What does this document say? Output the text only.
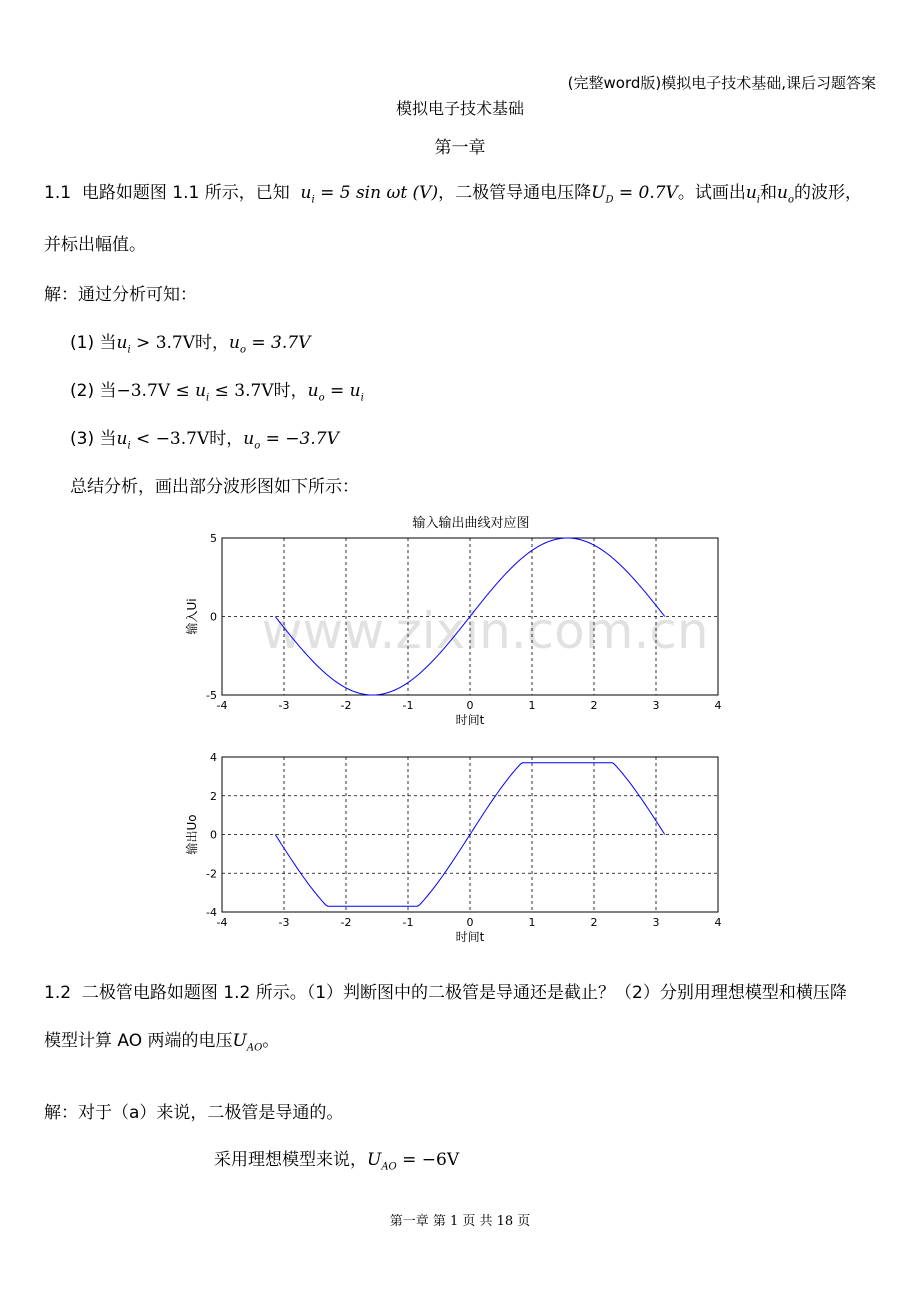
(完整word版)模拟电子技术基础,课后习题答案
模拟电子技术基础
第一章
1.1 电路如题图 1.1 所示，已知 $u_i = 5$ sin ωt (V)，二极管导通电压降$U_D = 0.7V$。试画出$u_i$和$u_o$的波形，
并标出幅值。
解：通过分析可知：
(1) 当$u_i > 3.7V$时，$u_o = 3.7V$
(2) 当$-3.7V \le u_i \le 3.7V$时，$u_o = u_i$
(3) 当$u_i < -3.7V$时，$u_o = -3.7V$
总结分析，画出部分波形图如下所示：
输入输出曲线对应图
www.zixin.com.cn
-4	-3	-2	-1	0	1	2	3	4
5
0
-5
时间t
输入Ui
-4	-3	-2	-1	0	1	2	3	4
4
2
0
-2
-4
时间t
输出Uo
1.2 二极管电路如题图 1.2 所示。（1）判断图中的二极管是导通还是截止？（2）分别用理想模型和横压降
模型计算 AO 两端的电压$U_{AO}$。
解：对于（a）来说，二极管是导通的。
采用理想模型来说，$U_{AO} = -6V$
第一章 第 1 页 共 18 页
